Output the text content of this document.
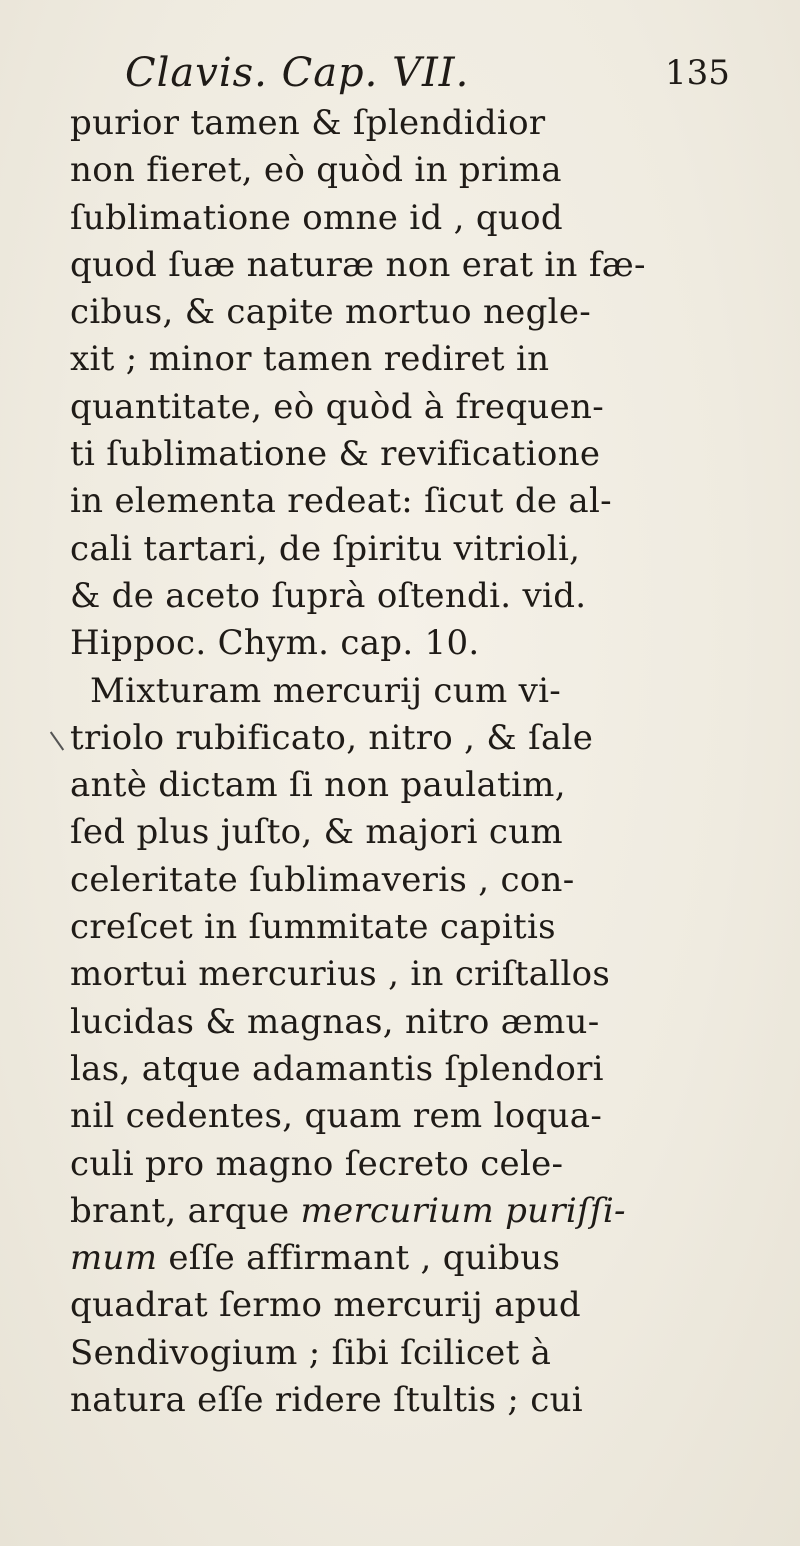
Clavis. Cap. VII.	135
purior tamen & ſplendidior
non fieret, eò quòd in prima
ſublimatione omne id , quod
quod ſuæ naturæ non erat in fæ-
cibus, & capite mortuo negle-
xit ; minor tamen rediret in
quantitate, eò quòd à frequen-
ti ſublimatione & revificatione
in elementa redeat: ſicut de al-
cali tartari, de ſpiritu vitrioli,
& de aceto ſuprà oſtendi. vid.
Hippoc. Chym. cap. 10.
Mixturam mercurij cum vi-
triolo rubificato, nitro , & ſale
antè dictam ſi non paulatim,
ſed plus juſto, & majori cum
celeritate ſublimaveris , con-
creſcet in ſummitate capitis
mortui mercurius , in criſtallos
lucidas & magnas, nitro æmu-
las, atque adamantis ſplendori
nil cedentes, quam rem loqua-
culi pro magno ſecreto cele-
brant, arque mercurium puriſſi-
mum eſſe affirmant , quibus
quadrat ſermo mercurij apud
Sendivogium ; ſibi ſcilicet à
natura eſſe ridere ſtultis ; cui
